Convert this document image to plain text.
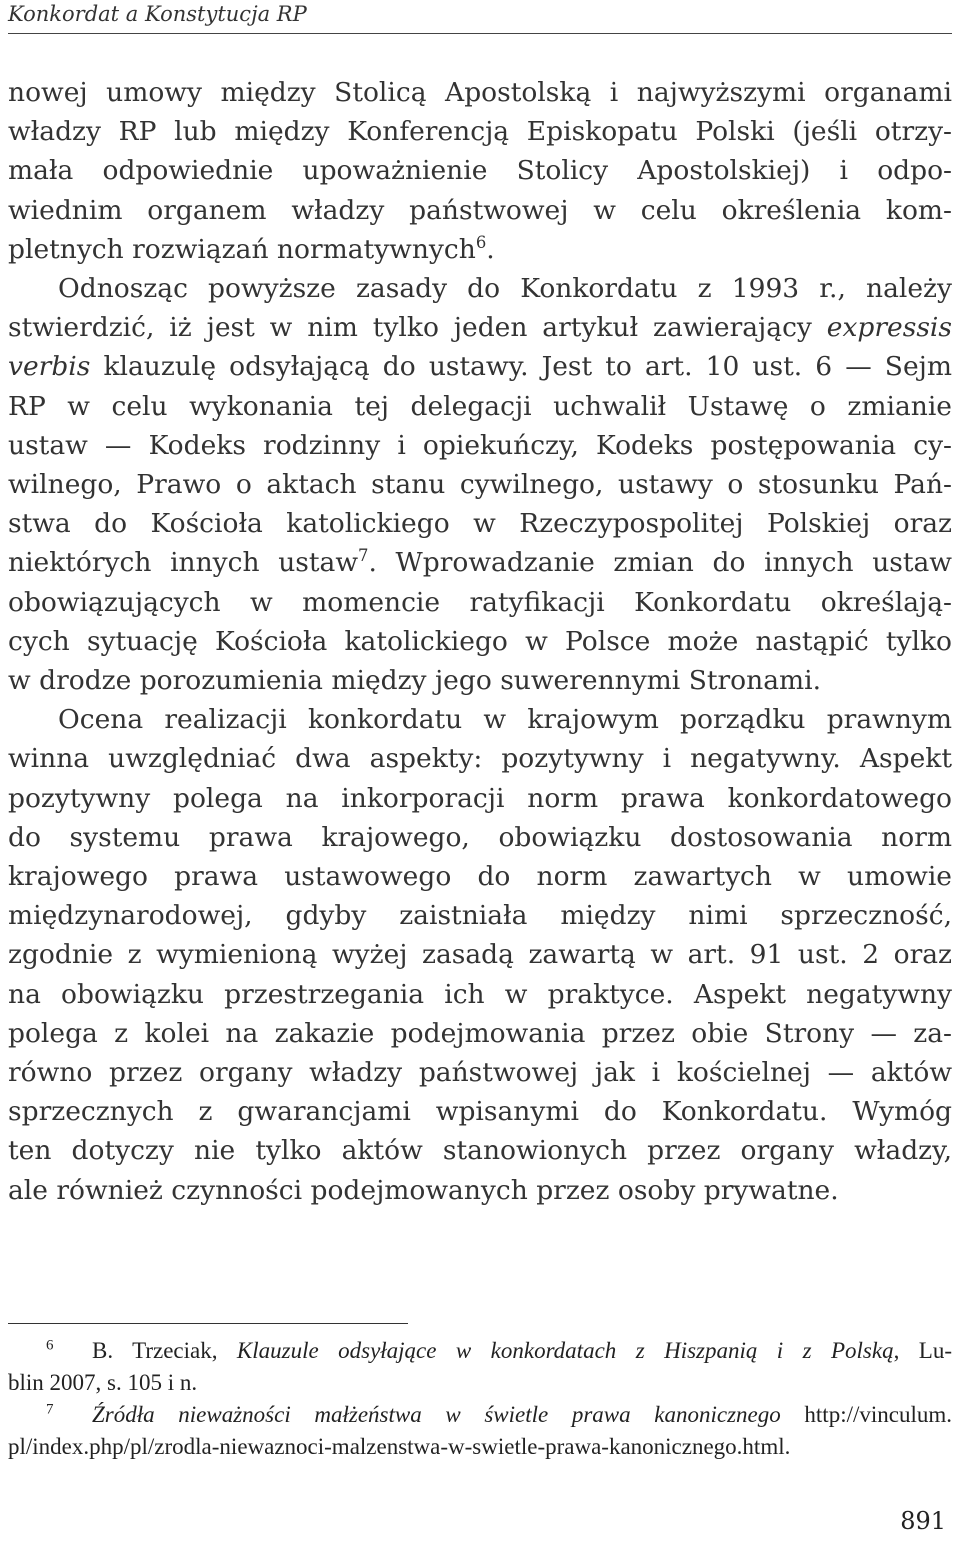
Konkordat a Konstytucja RP
nowej umowy między Stolicą Apostolską i najwyższymi organami
władzy RP lub między Konferencją Episkopatu Polski (jeśli otrzy-
mała odpowiednie upoważnienie Stolicy Apostolskiej) i odpo-
wiednim organem władzy państwowej w celu określenia kom-
pletnych rozwiązań normatywnych$^6$.
Odnosząc powyższe zasady do Konkordatu z 1993 r., należy
stwierdzić, iż jest w nim tylko jeden artykuł zawierający expressis
verbis klauzulę odsyłającą do ustawy. Jest to art. 10 ust. 6 — Sejm
RP w celu wykonania tej delegacji uchwalił Ustawę o zmianie
ustaw — Kodeks rodzinny i opiekuńczy, Kodeks postępowania cy-
wilnego, Prawo o aktach stanu cywilnego, ustawy o stosunku Pań-
stwa do Kościoła katolickiego w Rzeczypospolitej Polskiej oraz
niektórych innych ustaw$^7$. Wprowadzanie zmian do innych ustaw
obowiązujących w momencie ratyfikacji Konkordatu określają-
cych sytuację Kościoła katolickiego w Polsce może nastąpić tylko
w drodze porozumienia między jego suwerennymi Stronami.
Ocena realizacji konkordatu w krajowym porządku prawnym
winna uwzględniać dwa aspekty: pozytywny i negatywny. Aspekt
pozytywny polega na inkorporacji norm prawa konkordatowego
do systemu prawa krajowego, obowiązku dostosowania norm
krajowego prawa ustawowego do norm zawartych w umowie
międzynarodowej, gdyby zaistniała między nimi sprzeczność,
zgodnie z wymienioną wyżej zasadą zawartą w art. 91 ust. 2 oraz
na obowiązku przestrzegania ich w praktyce. Aspekt negatywny
polega z kolei na zakazie podejmowania przez obie Strony — za-
równo przez organy władzy państwowej jak i kościelnej — aktów
sprzecznych z gwarancjami wpisanymi do Konkordatu. Wymóg
ten dotyczy nie tylko aktów stanowionych przez organy władzy,
ale również czynności podejmowanych przez osoby prywatne.
$^6$ B. Trzeciak, Klauzule odsyłające w konkordatach z Hiszpanią i z Polską, Lu-
blin 2007, s. 105 i n.
$^7$ Źródła nieważności małżeństwa w świetle prawa kanonicznego http://vinculum.
pl/index.php/pl/zrodla-niewaznoci-malzenstwa-w-swietle-prawa-kanonicznego.html.
891
